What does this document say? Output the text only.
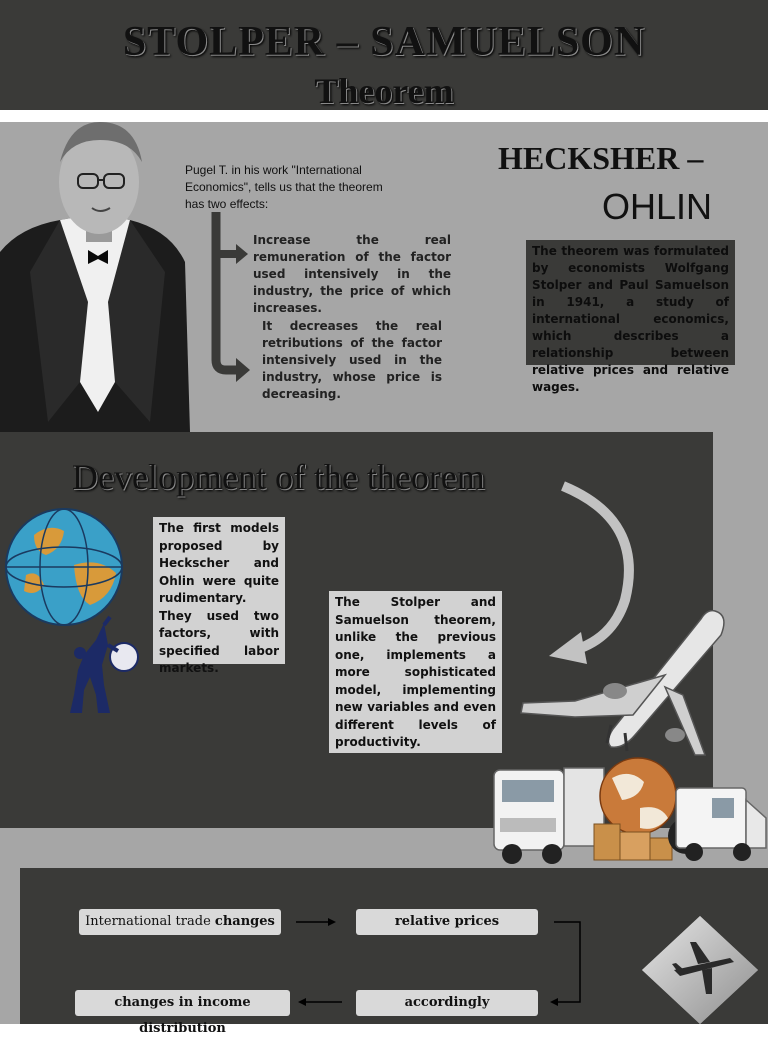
STOLPER – SAMUELSON
Theorem
Pugel T. in his work "International Economics", tells us that the theorem has two effects:
Increase the real remuneration of the factor used intensively in the industry, the price of which increases.
It decreases the real retributions of the factor intensively used in the industry, whose price is decreasing.
HECKSHER –
OHLIN
The theorem was formulated by economists Wolfgang Stolper and Paul Samuelson in 1941, a study of international economics, which describes a relationship between relative prices and relative wages.
Development of the theorem
The first models proposed by Heckscher and Ohlin were quite rudimentary. They used two factors, with specified labor markets.
The Stolper and Samuelson theorem, unlike the previous one, implements a more sophisticated model, implementing new variables and even different levels of productivity.
International trade changes	relative prices
accordingly
changes in income distribution
